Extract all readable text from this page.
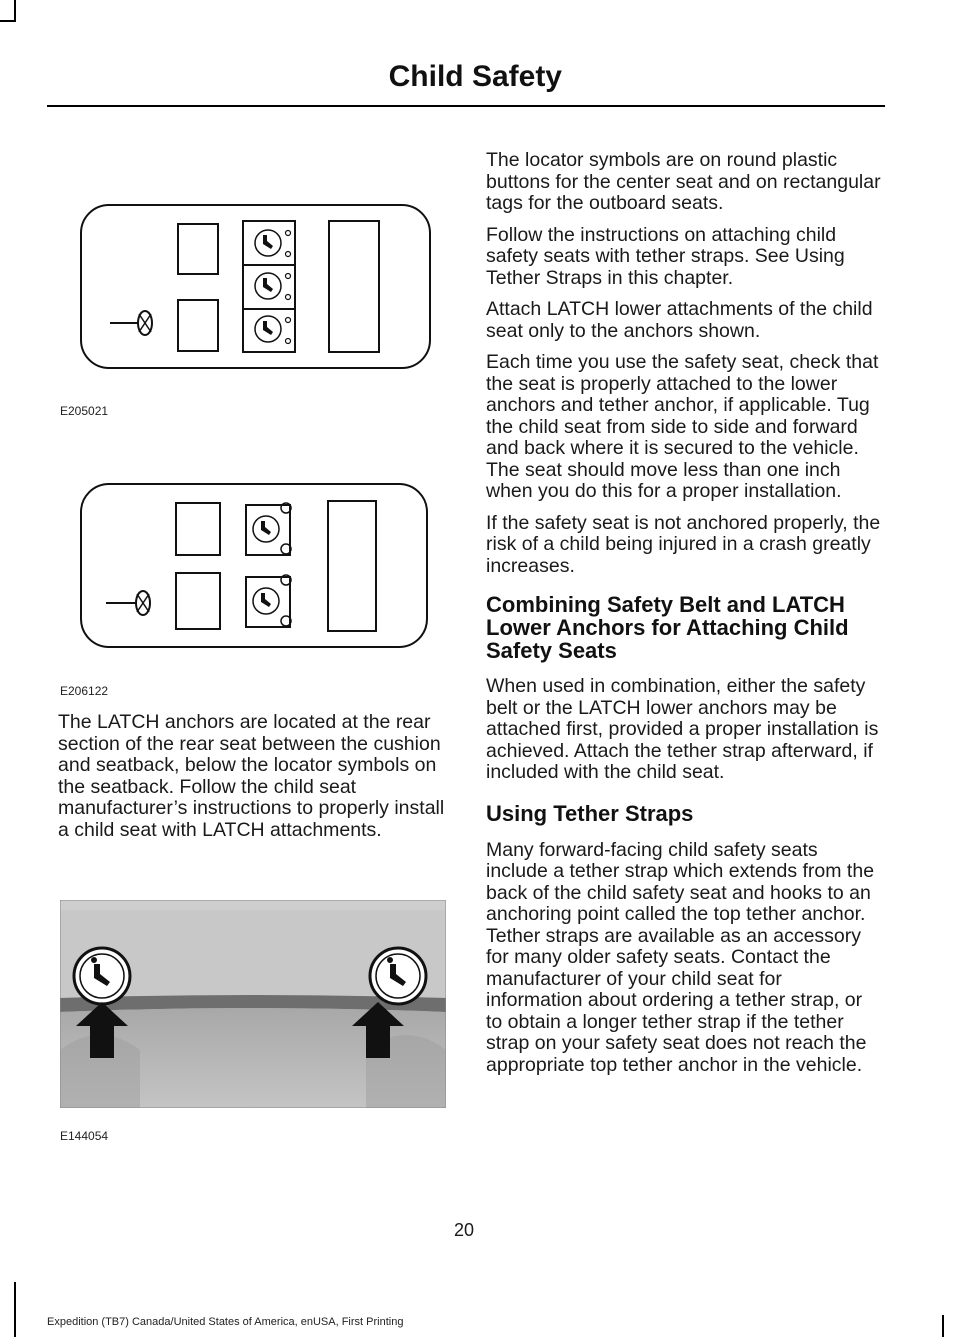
Child Safety
E205021
E206122

The LATCH anchors are located at the rear section of the rear seat between the cushion and seatback, below the locator symbols on the seatback. Follow the child seat manufacturer’s instructions to properly install a child seat with LATCH attachments.

E144054

The locator symbols are on round plastic buttons for the center seat and on rectangular tags for the outboard seats.

Follow the instructions on attaching child safety seats with tether straps. See Using Tether Straps in this chapter.

Attach LATCH lower attachments of the child seat only to the anchors shown.

Each time you use the safety seat, check that the seat is properly attached to the lower anchors and tether anchor, if applicable. Tug the child seat from side to side and forward and back where it is secured to the vehicle. The seat should move less than one inch when you do this for a proper installation.

If the safety seat is not anchored properly, the risk of a child being injured in a crash greatly increases.

Combining Safety Belt and LATCH Lower Anchors for Attaching Child Safety Seats

When used in combination, either the safety belt or the LATCH lower anchors may be attached first, provided a proper installation is achieved. Attach the tether strap afterward, if included with the child seat.

Using Tether Straps

Many forward-facing child safety seats include a tether strap which extends from the back of the child safety seat and hooks to an anchoring point called the top tether anchor. Tether straps are available as an accessory for many older safety seats. Contact the manufacturer of your child seat for information about ordering a tether strap, or to obtain a longer tether strap if the tether strap on your safety seat does not reach the appropriate top tether anchor in the vehicle.

20
Expedition (TB7) Canada/United States of America, enUSA, First Printing
